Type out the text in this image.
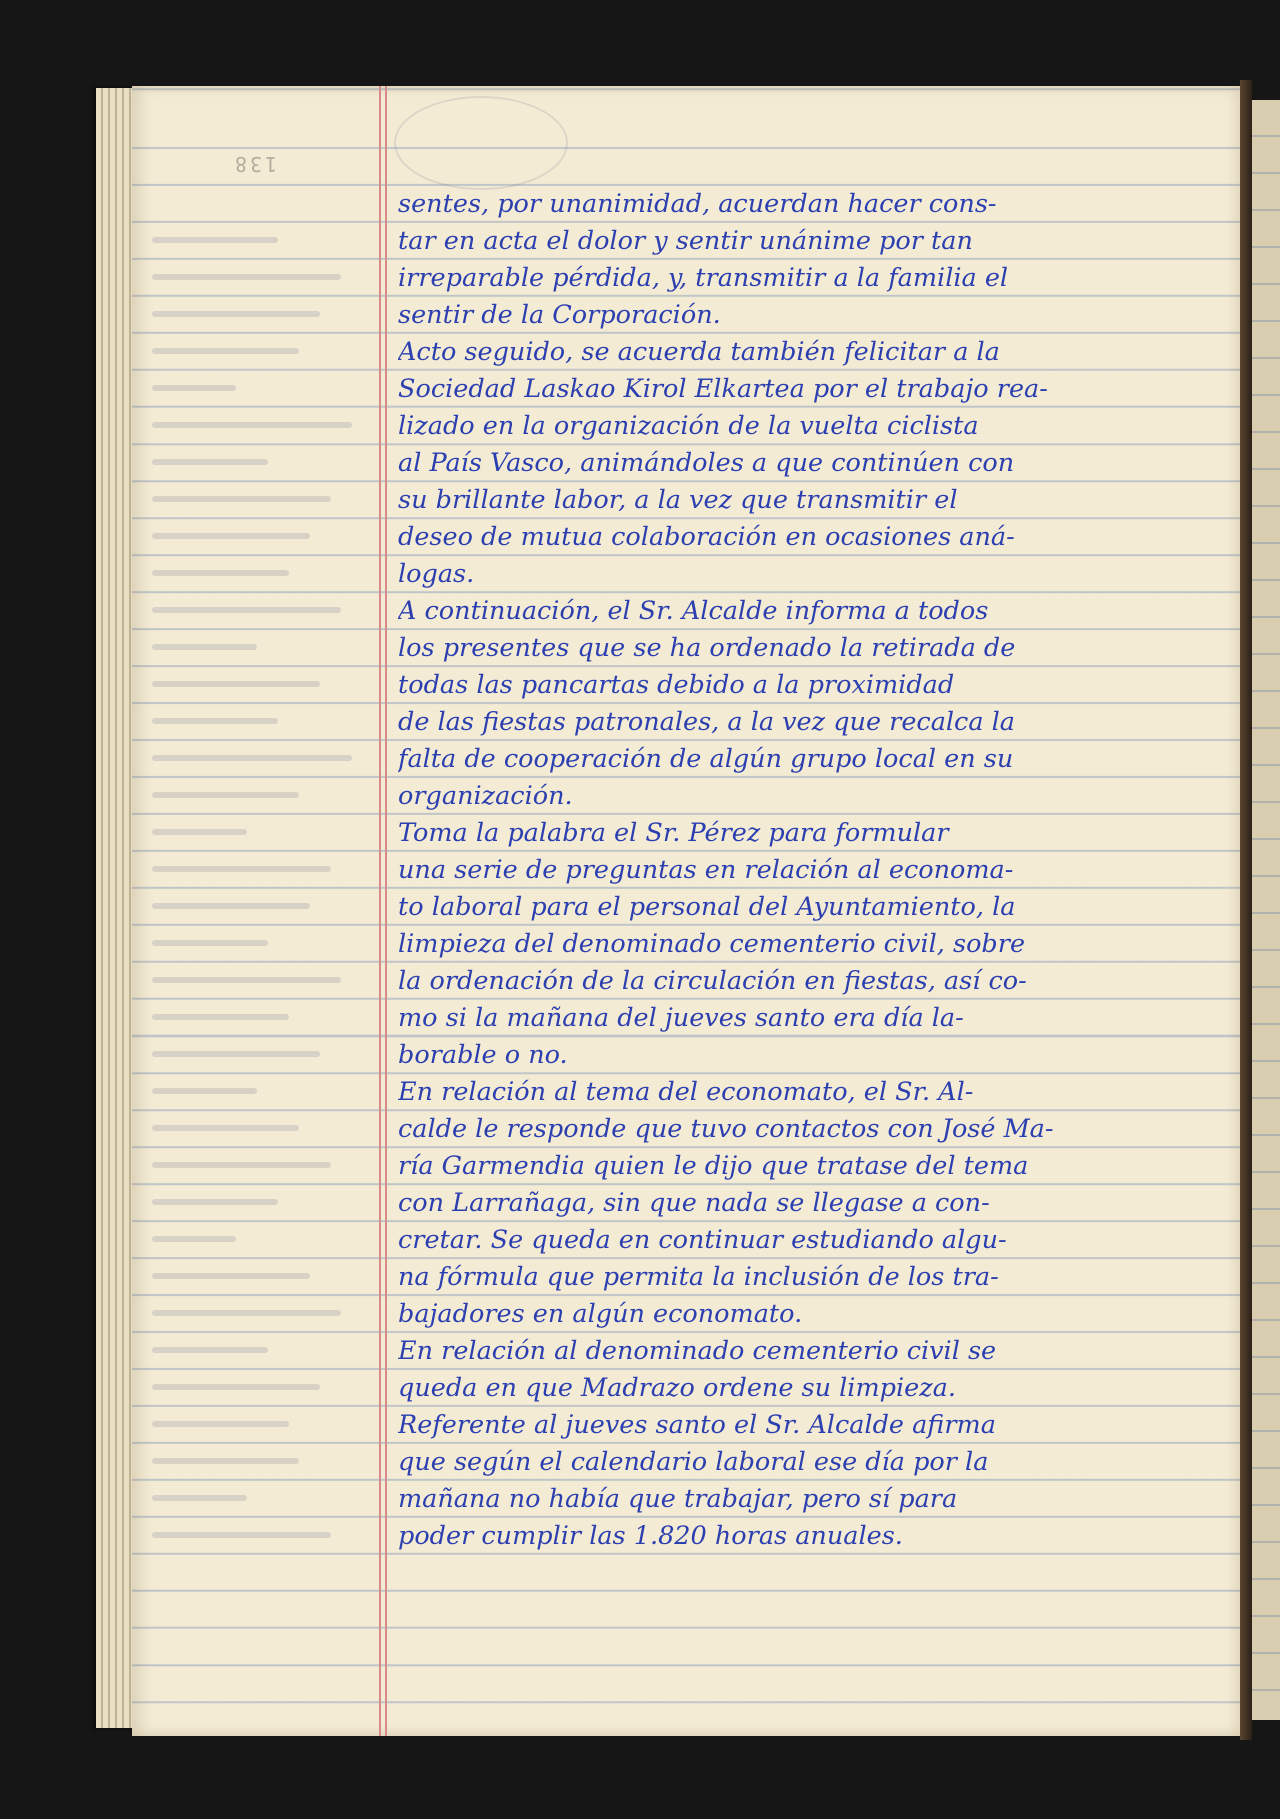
138
sentes, por unanimidad, acuerdan hacer cons-
tar en acta el dolor y sentir unánime por tan
irreparable pérdida, y, transmitir a la familia el
sentir de la Corporación.
Acto seguido, se acuerda también felicitar a la
Sociedad Laskao Kirol Elkartea por el trabajo rea-
lizado en la organización de la vuelta ciclista
al País Vasco, animándoles a que continúen con
su brillante labor, a la vez que transmitir el
deseo de mutua colaboración en ocasiones aná-
logas.
A continuación, el Sr. Alcalde informa a todos
los presentes que se ha ordenado la retirada de
todas las pancartas debido a la proximidad
de las fiestas patronales, a la vez que recalca la
falta de cooperación de algún grupo local en su
organización.
Toma la palabra el Sr. Pérez para formular
una serie de preguntas en relación al economa-
to laboral para el personal del Ayuntamiento, la
limpieza del denominado cementerio civil, sobre
la ordenación de la circulación en fiestas, así co-
mo si la mañana del jueves santo era día la-
borable o no.
En relación al tema del economato, el Sr. Al-
calde le responde que tuvo contactos con José Ma-
ría Garmendia quien le dijo que tratase del tema
con Larrañaga, sin que nada se llegase a con-
cretar. Se queda en continuar estudiando algu-
na fórmula que permita la inclusión de los tra-
bajadores en algún economato.
En relación al denominado cementerio civil se
queda en que Madrazo ordene su limpieza.
Referente al jueves santo el Sr. Alcalde afirma
que según el calendario laboral ese día por la
mañana no había que trabajar, pero sí para
poder cumplir las 1.820 horas anuales.
